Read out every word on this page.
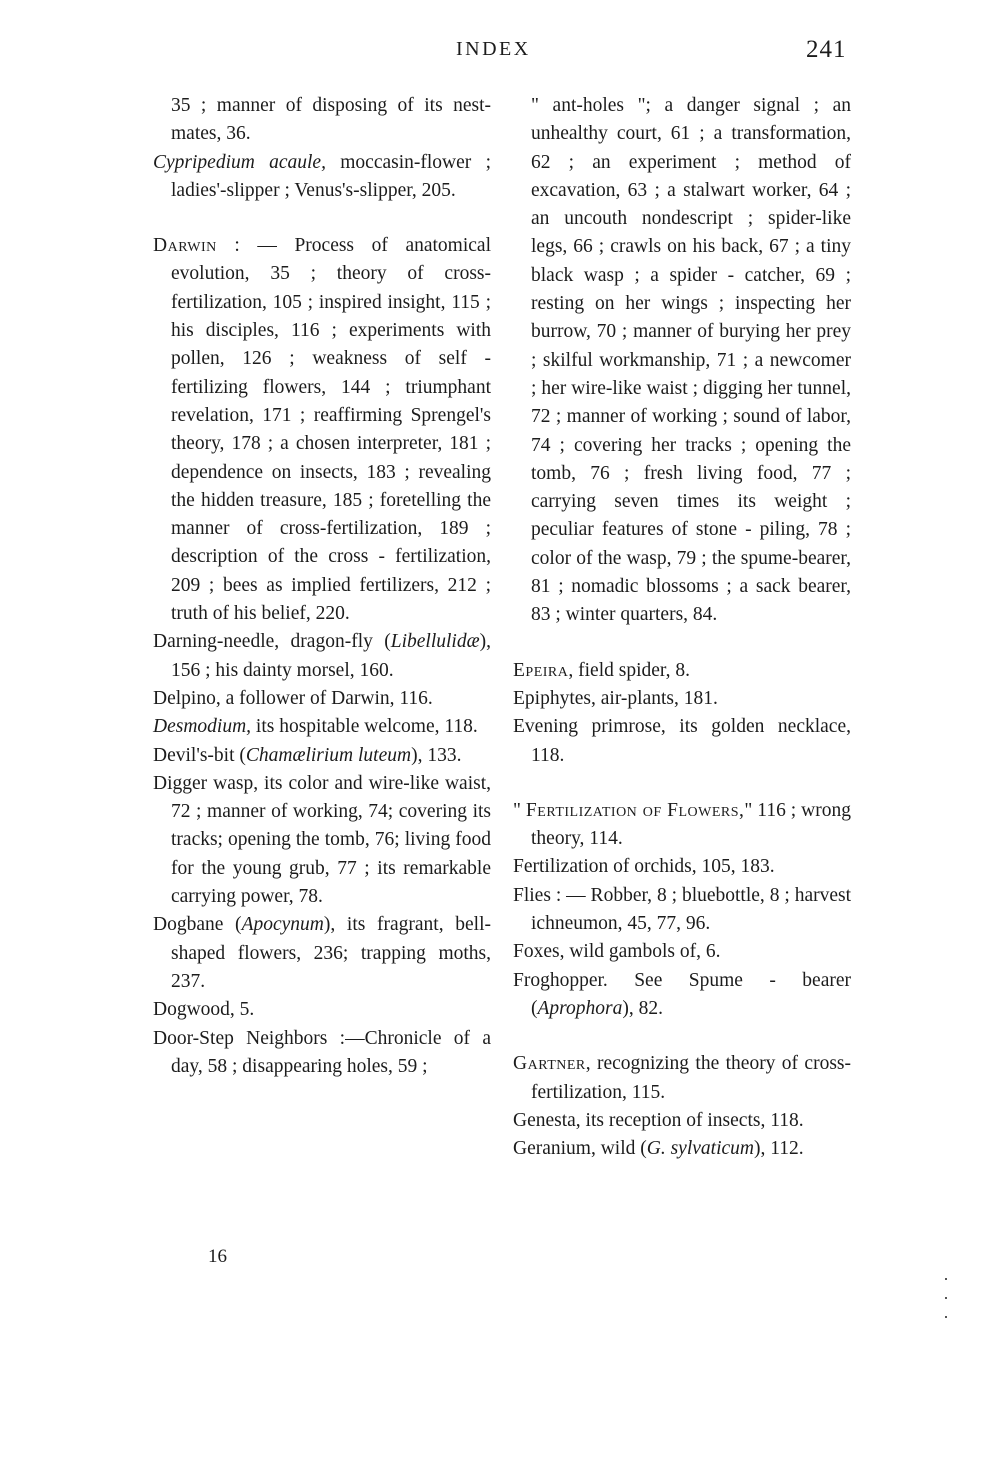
INDEX	241

35 ; manner of disposing of its nest-mates, 36.

Cypripedium acaule, moccasin-flower ; ladies'-slipper ; Venus's-slipper, 205.

Darwin : — Process of anatomical evolution, 35 ; theory of cross-fertilization, 105 ; inspired insight, 115 ; his disciples, 116 ; experiments with pollen, 126 ; weakness of self - fertilizing flowers, 144 ; triumphant revelation, 171 ; reaffirming Sprengel's theory, 178 ; a chosen interpreter, 181 ; dependence on insects, 183 ; revealing the hidden treasure, 185 ; foretelling the manner of cross-fertilization, 189 ; description of the cross - fertilization, 209 ; bees as implied fertilizers, 212 ; truth of his belief, 220.

Darning-needle, dragon-fly (Libellulidæ), 156 ; his dainty morsel, 160.

Delpino, a follower of Darwin, 116.

Desmodium, its hospitable welcome, 118.

Devil's-bit (Chamælirium luteum), 133.

Digger wasp, its color and wire-like waist, 72 ; manner of working, 74; covering its tracks; opening the tomb, 76; living food for the young grub, 77 ; its remarkable carrying power, 78.

Dogbane (Apocynum), its fragrant, bell-shaped flowers, 236; trapping moths, 237.

Dogwood, 5.

Door-Step Neighbors :—Chronicle of a day, 58 ; disappearing holes, 59 ;

" ant-holes "; a danger signal ; an unhealthy court, 61 ; a transformation, 62 ; an experiment ; method of excavation, 63 ; a stalwart worker, 64 ; an uncouth nondescript ; spider-like legs, 66 ; crawls on his back, 67 ; a tiny black wasp ; a spider - catcher, 69 ; resting on her wings ; inspecting her burrow, 70 ; manner of burying her prey ; skilful workmanship, 71 ; a newcomer ; her wire-like waist ; digging her tunnel, 72 ; manner of working ; sound of labor, 74 ; covering her tracks ; opening the tomb, 76 ; fresh living food, 77 ; carrying seven times its weight ; peculiar features of stone - piling, 78 ; color of the wasp, 79 ; the spume-bearer, 81 ; nomadic blossoms ; a sack bearer, 83 ; winter quarters, 84.

Epeira, field spider, 8.

Epiphytes, air-plants, 181.

Evening primrose, its golden necklace, 118.

" Fertilization of Flowers," 116 ; wrong theory, 114.

Fertilization of orchids, 105, 183.

Flies : — Robber, 8 ; bluebottle, 8 ; harvest ichneumon, 45, 77, 96.

Foxes, wild gambols of, 6.

Froghopper. See Spume - bearer (Aprophora), 82.

Gartner, recognizing the theory of cross-fertilization, 115.

Genesta, its reception of insects, 118.

Geranium, wild (G. sylvaticum), 112.

16
